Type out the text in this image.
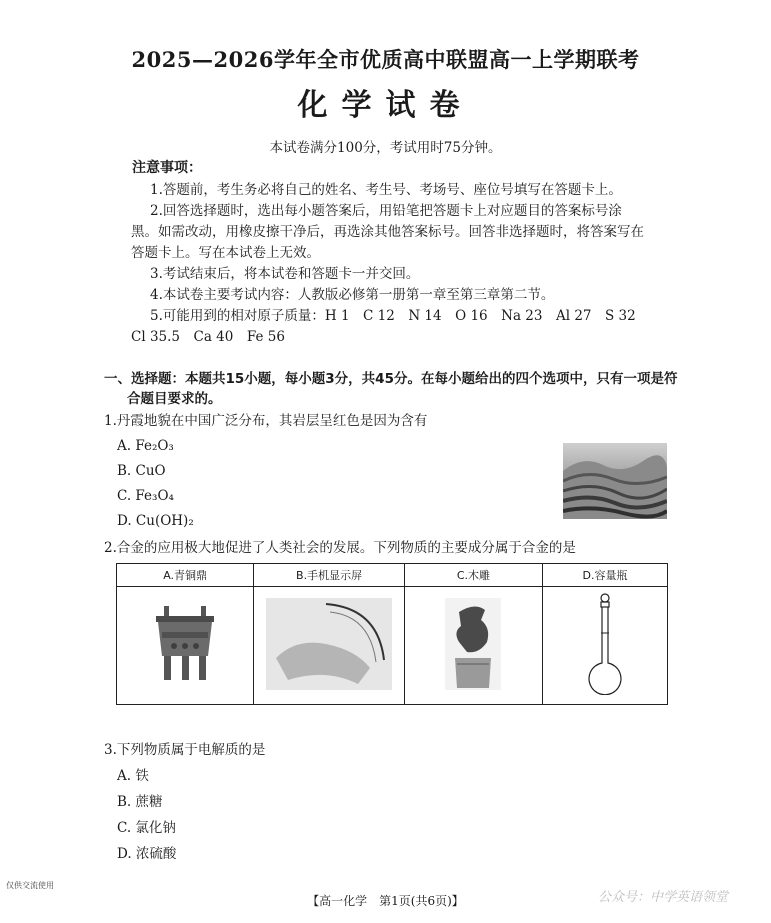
2025—2026学年全市优质高中联盟高一上学期联考
化学试卷
本试卷满分100分，考试用时75分钟。
注意事项：
1.答题前，考生务必将自己的姓名、考生号、考场号、座位号填写在答题卡上。
2.回答选择题时，选出每小题答案后，用铅笔把答题卡上对应题目的答案标号涂
黑。如需改动，用橡皮擦干净后，再选涂其他答案标号。回答非选择题时，将答案写在
答题卡上。写在本试卷上无效。
3.考试结束后，将本试卷和答题卡一并交回。
4.本试卷主要考试内容：人教版必修第一册第一章至第三章第二节。
5.可能用到的相对原子质量：H 1　C 12　N 14　O 16　Na 23　Al 27　S 32
Cl 35.5　Ca 40　Fe 56
一、选择题：本题共15小题，每小题3分，共45分。在每小题给出的四个选项中，只有一项是符
合题目要求的。
1.丹霞地貌在中国广泛分布，其岩层呈红色是因为含有
A. Fe₂O₃
B. CuO
C. Fe₃O₄
D. Cu(OH)₂
2.合金的应用极大地促进了人类社会的发展。下列物质的主要成分属于合金的是
A.青铜鼎	B.手机显示屏	C.木雕	D.容量瓶

3.下列物质属于电解质的是
A. 铁
B. 蔗糖
C. 氯化钠
D. 浓硫酸
仅供交流使用
【高一化学　第1页(共6页)】	公众号：中学英语领堂
